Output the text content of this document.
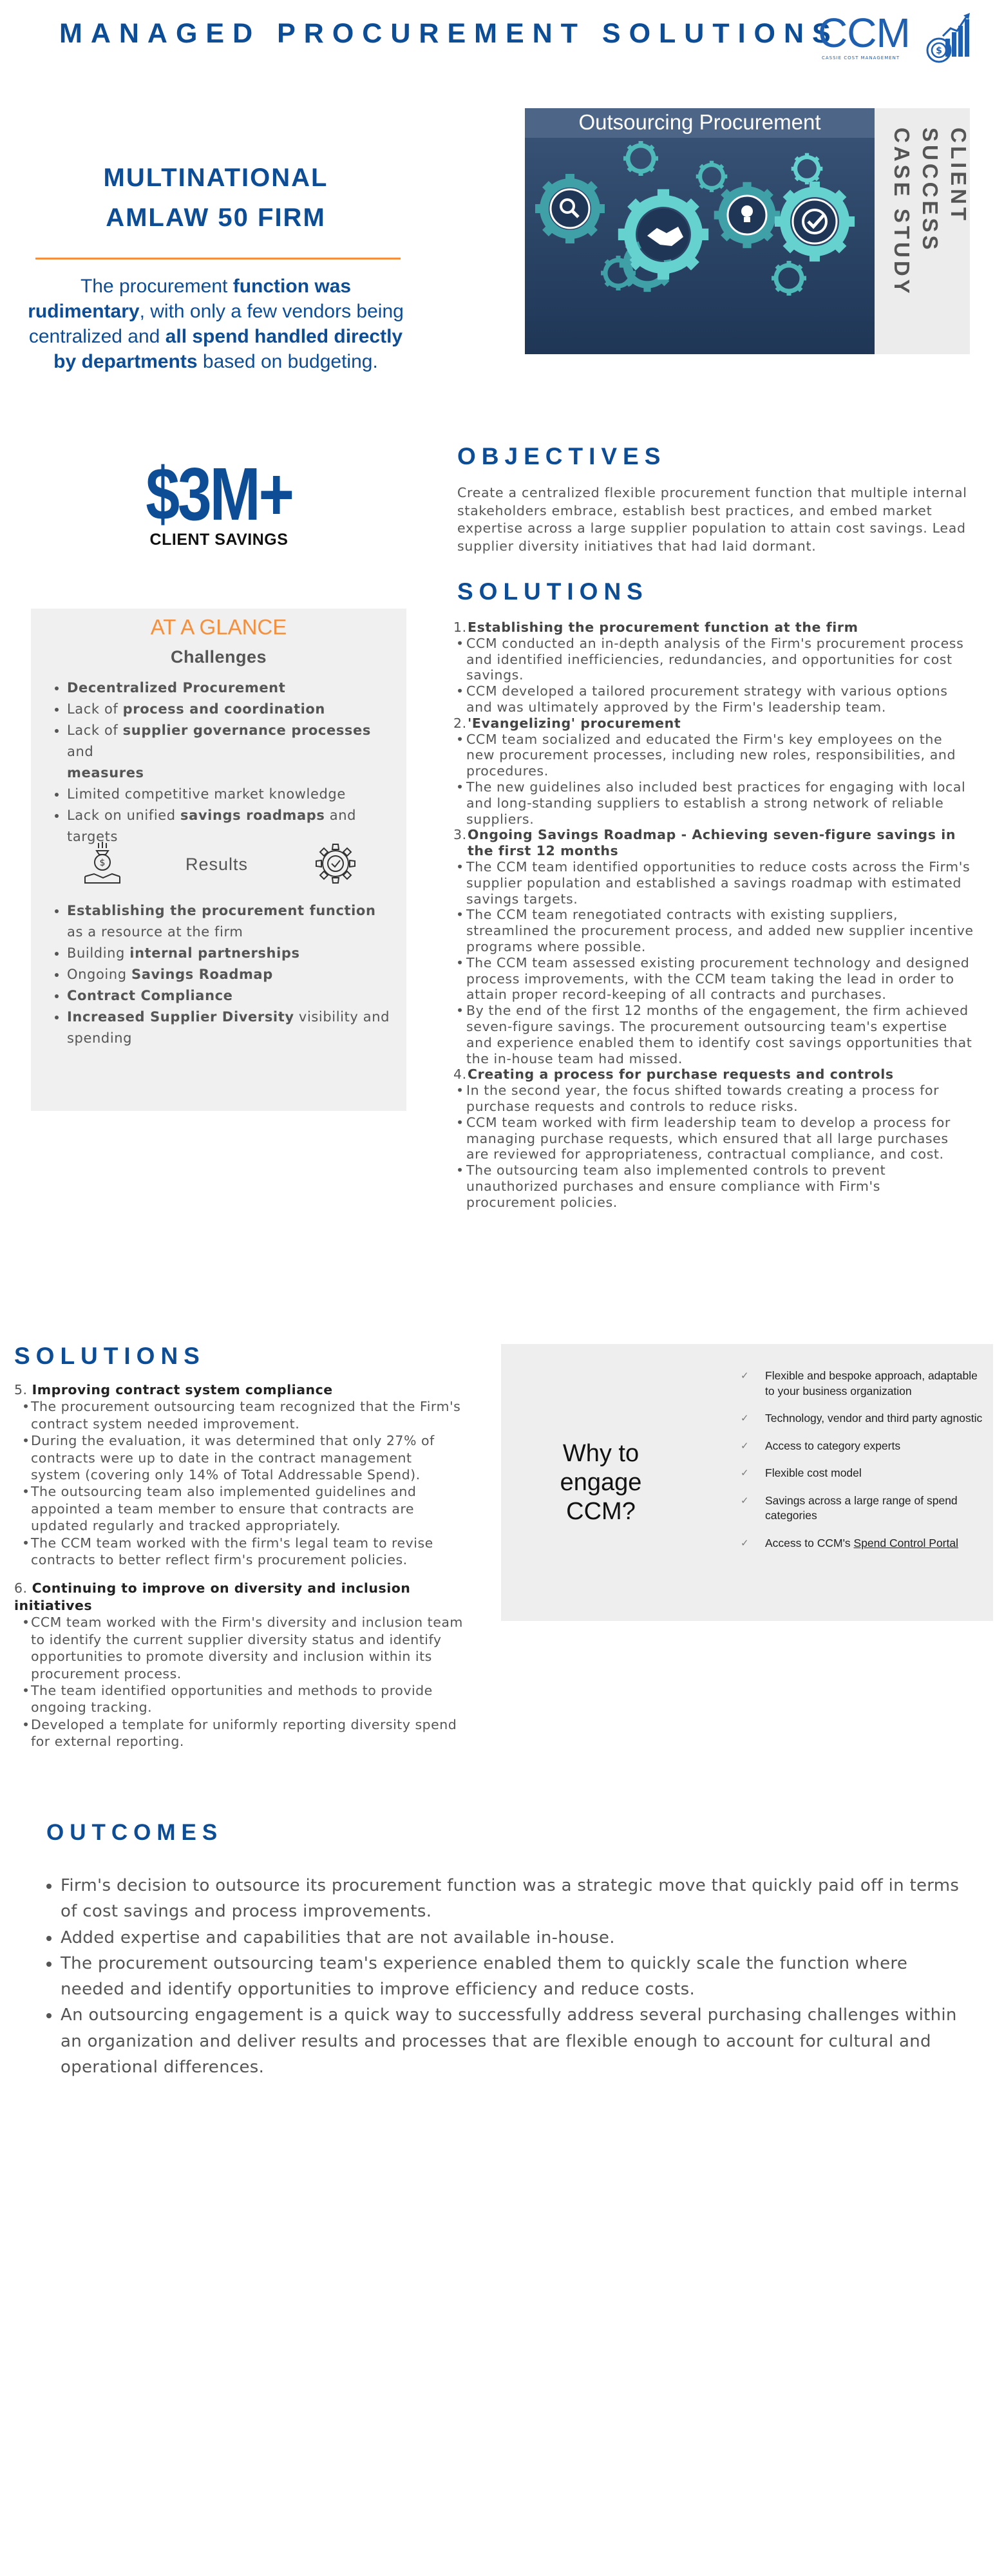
MANAGED PROCUREMENT SOLUTIONS
CCM
CASSIE COST MANAGEMENT
$
MULTINATIONAL
AMLAW 50 FIRM
The procurement function was rudimentary, with only a few vendors being centralized and all spend handled directly by departments based on budgeting.
Outsourcing Procurement
CLIENT SUCCESS
CASE STUDY
$3M+
CLIENT SAVINGS
AT A GLANCE
Challenges
• Decentralized Procurement
• Lack of process and coordination
• Lack of supplier governance processes and
measures
• Limited competitive market knowledge
• Lack on unified savings roadmaps and targets
$	Results
• Establishing the procurement function as a resource at the firm
• Building internal partnerships
• Ongoing Savings Roadmap
• Contract Compliance
• Increased Supplier Diversity visibility and spending
OBJECTIVES
Create a centralized flexible procurement function that multiple internal stakeholders embrace, establish best practices, and embed market expertise across a large supplier population to attain cost savings. Lead supplier diversity initiatives that had laid dormant.
SOLUTIONS
1. Establishing the procurement function at the firm
• CCM conducted an in-depth analysis of the Firm's procurement process and identified inefficiencies, redundancies, and opportunities for cost savings.
• CCM developed a tailored procurement strategy with various options and was ultimately approved by the Firm's leadership team.
2. 'Evangelizing' procurement
• CCM team socialized and educated the Firm's key employees on the new procurement processes, including new roles, responsibilities, and procedures.
• The new guidelines also included best practices for engaging with local and long-standing suppliers to establish a strong network of reliable suppliers.
3. Ongoing Savings Roadmap - Achieving seven-figure savings in the first 12 months
• The CCM team identified opportunities to reduce costs across the Firm's supplier population and established a savings roadmap with estimated savings targets.
• The CCM team renegotiated contracts with existing suppliers, streamlined the procurement process, and added new supplier incentive programs where possible.
• The CCM team assessed existing procurement technology and designed process improvements, with the CCM team taking the lead in order to attain proper record-keeping of all contracts and purchases.
• By the end of the first 12 months of the engagement, the firm achieved seven-figure savings. The procurement outsourcing team's expertise and experience enabled them to identify cost savings opportunities that the in-house team had missed.
4. Creating a process for purchase requests and controls
• In the second year, the focus shifted towards creating a process for purchase requests and controls to reduce risks.
• CCM team worked with firm leadership team to develop a process for managing purchase requests, which ensured that all large purchases are reviewed for appropriateness, contractual compliance, and cost.
• The outsourcing team also implemented controls to prevent unauthorized purchases and ensure compliance with Firm's procurement policies.
SOLUTIONS
5. Improving contract system compliance
• The procurement outsourcing team recognized that the Firm's contract system needed improvement.
• During the evaluation, it was determined that only 27% of contracts were up to date in the contract management system (covering only 14% of Total Addressable Spend).
• The outsourcing team also implemented guidelines and appointed a team member to ensure that contracts are updated regularly and tracked appropriately.
• The CCM team worked with the firm's legal team to revise contracts to better reflect firm's procurement policies.
6. Continuing to improve on diversity and inclusion initiatives
• CCM team worked with the Firm's diversity and inclusion team to identify the current supplier diversity status and identify opportunities to promote diversity and inclusion within its procurement process.
• The team identified opportunities and methods to provide ongoing tracking.
• Developed a template for uniformly reporting diversity spend for external reporting.
Why to engage CCM?
✓ Flexible and bespoke approach, adaptable to your business organization
✓ Technology, vendor and third party agnostic
✓ Access to category experts
✓ Flexible cost model
✓ Savings across a large range of spend categories
✓ Access to CCM's Spend Control Portal
OUTCOMES
• Firm's decision to outsource its procurement function was a strategic move that quickly paid off in terms of cost savings and process improvements.
• Added expertise and capabilities that are not available in-house.
• The procurement outsourcing team's experience enabled them to quickly scale the function where needed and identify opportunities to improve efficiency and reduce costs.
• An outsourcing engagement is a quick way to successfully address several purchasing challenges within an organization and deliver results and processes that are flexible enough to account for cultural and operational differences.
